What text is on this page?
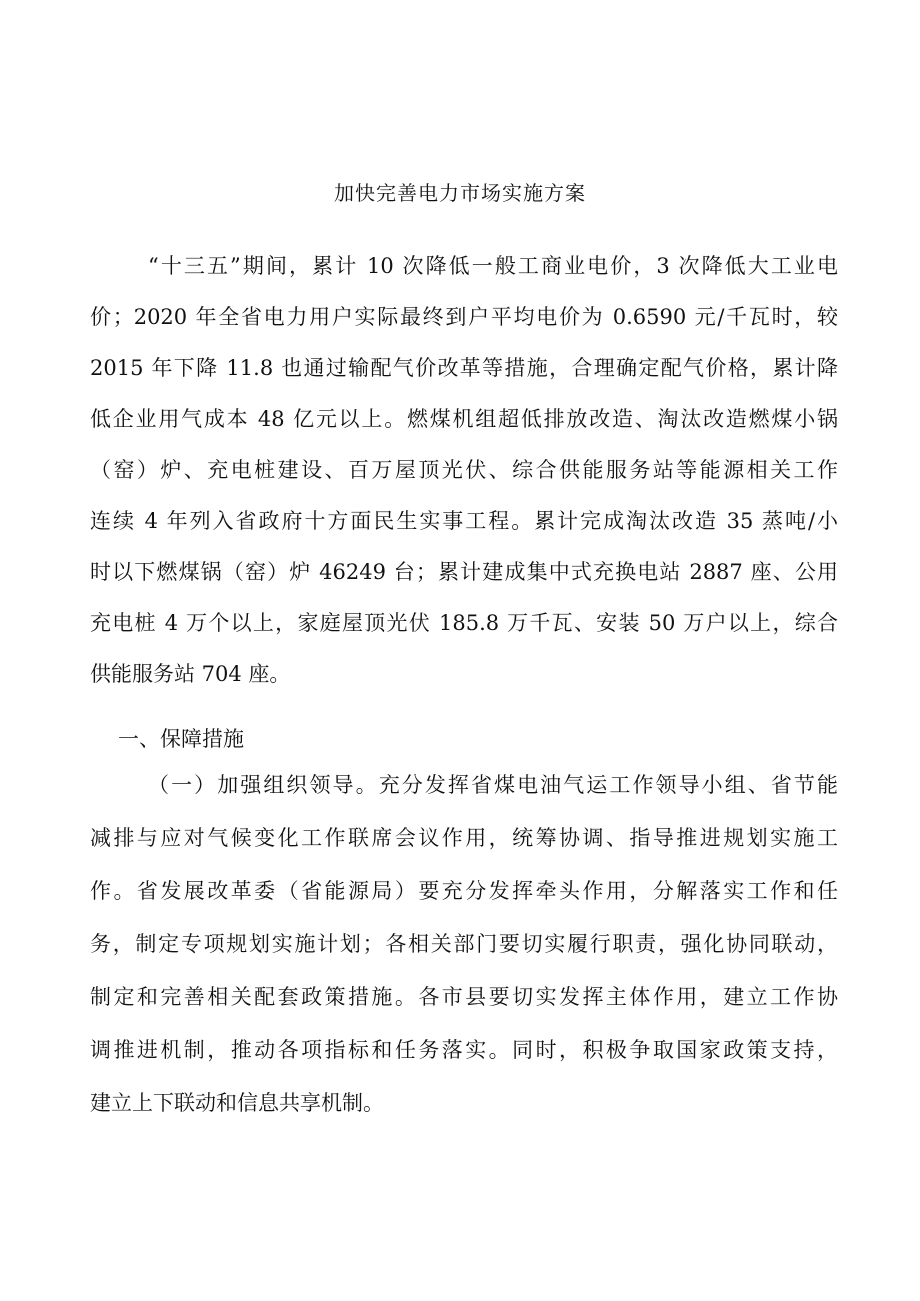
加快完善电力市场实施方案
“十三五”期间，累计 10 次降低一般工商业电价，3 次降低大工业电
价；2020 年全省电力用户实际最终到户平均电价为 0.6590 元/千瓦时，较
2015 年下降 11.8 也通过输配气价改革等措施，合理确定配气价格，累计降
低企业用气成本 48 亿元以上。燃煤机组超低排放改造、淘汰改造燃煤小锅
（窑）炉、充电桩建设、百万屋顶光伏、综合供能服务站等能源相关工作
连续 4 年列入省政府十方面民生实事工程。累计完成淘汰改造 35 蒸吨/小
时以下燃煤锅（窑）炉 46249 台；累计建成集中式充换电站 2887 座、公用
充电桩 4 万个以上，家庭屋顶光伏 185.8 万千瓦、安装 50 万户以上，综合
供能服务站 704 座。
一、保障措施
（一）加强组织领导。充分发挥省煤电油气运工作领导小组、省节能
减排与应对气候变化工作联席会议作用，统筹协调、指导推进规划实施工
作。省发展改革委（省能源局）要充分发挥牵头作用，分解落实工作和任
务，制定专项规划实施计划；各相关部门要切实履行职责，强化协同联动，
制定和完善相关配套政策措施。各市县要切实发挥主体作用，建立工作协
调推进机制，推动各项指标和任务落实。同时，积极争取国家政策支持，
建立上下联动和信息共享机制。
